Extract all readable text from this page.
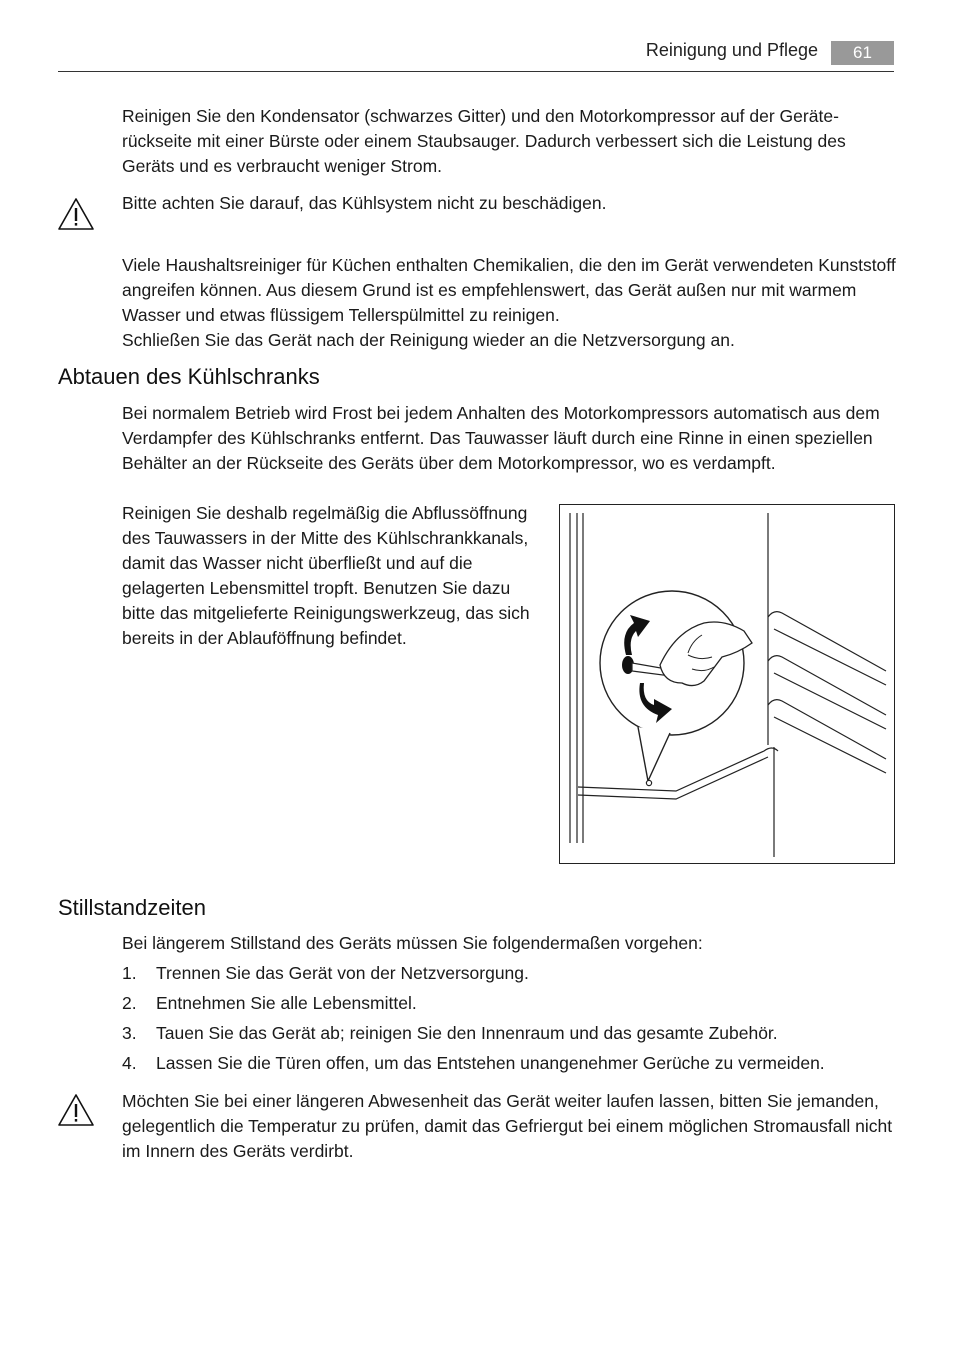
Reinigung und Pflege	61

Reinigen Sie den Kondensator (schwarzes Gitter) und den Motorkompressor auf der Geräterückseite mit einer Bürste oder einem Staubsauger. Dadurch verbessert sich die Leistung des Geräts und es verbraucht weniger Strom.

Bitte achten Sie darauf, das Kühlsystem nicht zu beschädigen.

Viele Haushaltsreiniger für Küchen enthalten Chemikalien, die den im Gerät verwendeten Kunststoff angreifen können. Aus diesem Grund ist es empfehlenswert, das Gerät außen nur mit warmem Wasser und etwas flüssigem Tellerspülmittel zu reinigen.

Schließen Sie das Gerät nach der Reinigung wieder an die Netzversorgung an.

Abtauen des Kühlschranks

Bei normalem Betrieb wird Frost bei jedem Anhalten des Motorkompressors automatisch aus dem Verdampfer des Kühlschranks entfernt. Das Tauwasser läuft durch eine Rinne in einen speziellen Behälter an der Rückseite des Geräts über dem Motorkompressor, wo es verdampft.

Reinigen Sie deshalb regelmäßig die Abflussöffnung des Tauwassers in der Mitte des Kühlschrankkanals, damit das Wasser nicht überfließt und auf die gelagerten Lebensmittel tropft. Benutzen Sie dazu bitte das mitgelieferte Reinigungswerkzeug, das sich bereits in der Ablauföffnung befindet.

Stillstandzeiten

Bei längerem Stillstand des Geräts müssen Sie folgendermaßen vorgehen:

1. Trennen Sie das Gerät von der Netzversorgung.
2. Entnehmen Sie alle Lebensmittel.
3. Tauen Sie das Gerät ab; reinigen Sie den Innenraum und das gesamte Zubehör.
4. Lassen Sie die Türen offen, um das Entstehen unangenehmer Gerüche zu vermeiden.

Möchten Sie bei einer längeren Abwesenheit das Gerät weiter laufen lassen, bitten Sie jemanden, gelegentlich die Temperatur zu prüfen, damit das Gefriergut bei einem möglichen Stromausfall nicht im Innern des Geräts verdirbt.
